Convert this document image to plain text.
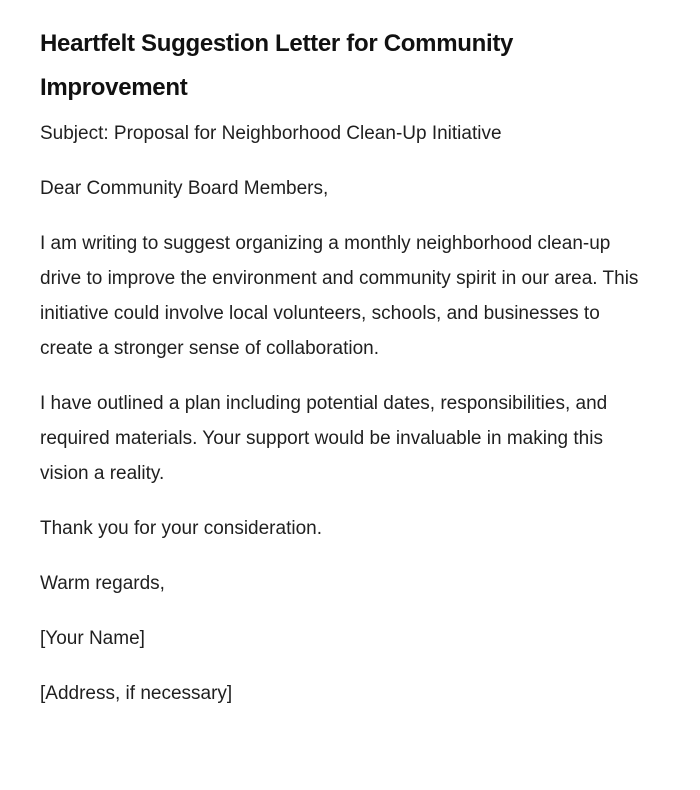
Heartfelt Suggestion Letter for Community Improvement

Subject: Proposal for Neighborhood Clean-Up Initiative

Dear Community Board Members,

I am writing to suggest organizing a monthly neighborhood clean-up drive to improve the environment and community spirit in our area. This initiative could involve local volunteers, schools, and businesses to create a stronger sense of collaboration.

I have outlined a plan including potential dates, responsibilities, and required materials. Your support would be invaluable in making this vision a reality.

Thank you for your consideration.

Warm regards,

[Your Name]

[Address, if necessary]
